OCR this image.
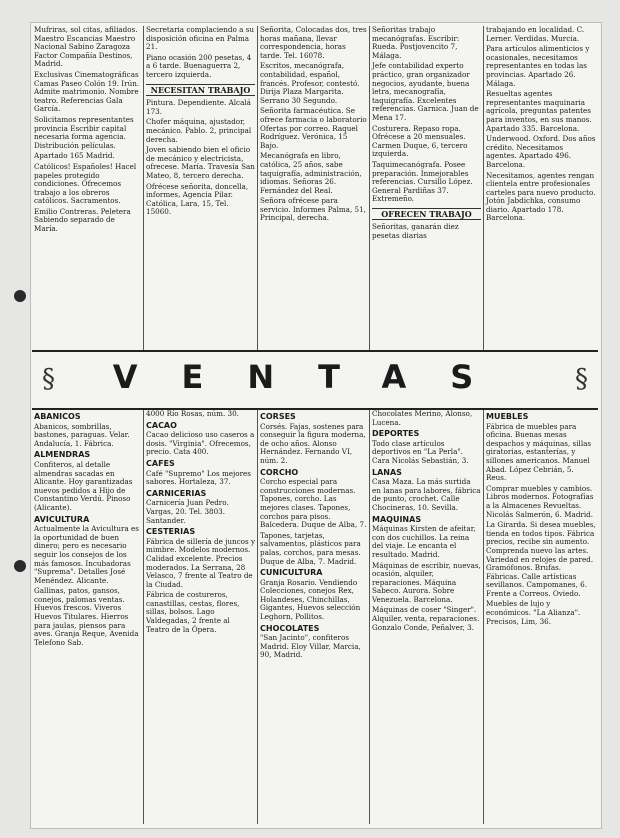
Mufriras, sol citas, afiliados. Maestro Escancias Maestro Nacional Sabino Zaragoza Factor Compañía Destinos, Madrid.
Exclusivas Cinematográficas Camas Paseo Colón 19. Irún. Admite matrimonio. Nombre teatro. Referencias Gala García.
Solicitamos representantes provincia Escribir capital necesaria forma agencia. Distribución películas.
Apartado 165 Madrid.
Católicos! Españoles! Hacel papeles protegido condiciones. Ofrecemos trabajo a los obreros católicos. Sacramentos.
Emilio Contreras. Peletera Sabiendo separado de María.
Secretaria complaciendo a su disposición oficina en Palma 21.
Piano ocasión 200 pesetas, 4 a 6 tarde. Buenaguerra 2, tercero izquierda.
NECESITAN TRABAJO
Pintura. Dependiente. Alcalá 173.
Chofer máquina, ajustador, mecánico. Pablo. 2, principal derecha.
Joven sabiendo bien el oficio de mecánico y electricista, ofrecese. María. Travesía San Mateo, 8, tercero derecha.
Ofrécese señorita, doncella, informes, Agencia Pilar. Católica, Lara, 15, Tel. 15060.
Señorita, Colocadas dos, tres horas mañana, llevar correspondencia, horas tarde. Tel. 16078.
Escritos, mecanógrafa, contabilidad, español, francés. Profesor, contestó. Dirija Plaza Margarita. Serrano 30 Segundo.
Señorita farmacéutica. Se ofrece farmacia o laboratorio Ofertas por correo. Raquel Rodríguez. Verónica, 15 Bajo.
Mecanógrafa en libro, católica, 25 años, sabe taquigrafía, administración, idiomas. Señoras 26. Fernández del Real.
Señora ofrécese para servicio. Informes Palma, 51, Principal, derecha.
Señoritas trabajo mecanógrafas. Escribir: Rueda. Postjovencito 7, Málaga.
Jefe contabilidad experto práctico, gran organizador negocios, ayudante, buena letra, mecanografía, taquigrafía. Excelentes referencias. Garnica. Juan de Mena 17.
Costurera. Repaso ropa. Ofrécese a 20 mensuales. Carmen Duque, 6, tercero izquierda.
Taquimecanógrafa. Posee preparación. Inmejorables referencias. Cursillo López. General Pardiñas 37. Extremeño.
OFRECEN TRABAJO
Señoritas, ganarán diez pesetas diarias
trabajando en localidad. C. Lerner. Verdidas. Murcia.
Para artículos alimenticios y ocasionales, necesitamos representantes en todas las provincias. Apartado 26. Málaga.
Resueltas agentes representantes maquinaria agrícola, preguntas patentes para inventos, en sus manos. Apartado 335. Barcelona.
Underwood. Oxford. Dos años crédito. Necesitamos agentes. Apartado 496. Barcelona.
Necesitamos, agentes rengan clientela entre profesionales carteles para nuevo producto. Jotón Jabdichka, consumo diario. Apartado 178. Barcelona.
§	VENTAS	§
ABANICOS
Abanicos, sombrillas, bastones, paraguas. Velar. Andalucía, 1. Fábrica.
ALMENDRAS
Confiteros, al detalle almendras sacadas en Alicante. Hoy garantizadas nuevos pedidos a Hijo de Constantino Verdú. Pinoso (Alicante).
AVICULTURA
Actualmente la Avicultura es la oportunidad de buen dinero; pero es necesario seguir los consejos de los más famosos. Incubadoras "Suprema". Detalles José Menéndez. Alicante.
Gallinas, patos, gansos, conejos, palomas ventas. Huevos frescos. Viveros Huevos Titulares. Hierros para jaulas, piensos para aves. Granja Reque, Avenida Telefono Sab.
4000 Río Rosas, núm. 30.
CACAO
Cacao delicioso uso caseros a dosis. "Virginia". Ofrecemos, precio. Cata 400.
CAFES
Café "Supremo" Los mejores sabores. Hortaleza, 37.
CARNICERIAS
Carnicería Juan Pedro. Vargas, 20. Tel. 3803. Santander.
CESTERIAS
Fábrica de sillería de juncos y mimbre. Modelos modernos. Calidad excelente. Precios moderados. La Serrana, 28 Velasco, 7 frente al Teatro de la Ciudad.
Fábrica de costureros, canastillas, cestas, flores, sillas, bolsos. Lago Valdegadas, 2 frente al Teatro de la Ópera.
CORSES
Corsés. Fajas, sostenes para conseguir la figura moderna, de ocho años. Alonso Hernández. Fernando VI, núm. 2.
CORCHO
Corcho especial para construcciones modernas. Tapones, corcho. Las mejores clases. Tapones, corchos para pisos. Balcedera. Duque de Alba, 7.
Tapones, tarjetas, salvamentos, plásticos para palas, corchos, para mesas. Duque de Alba, 7. Madrid.
CUNICULTURA
Granja Rosario. Vendiendo Colecciones, conejos Rex, Holandeses, Chinchillas, Gigantes, Huevos selección Leghorn, Pollitos.
CHOCOLATES
"San Jacinto", confiteros Madrid. Eloy Villar, Marcia, 90, Madrid.
Chocolates Merino, Alonso, Lucena.
DEPORTES
Todo clase artículos deportivos en "La Perla". Cara Nicolás Sebastián, 3.
LANAS
Casa Maza. La más surtida en lanas para labores, fábrica de punto, crochet. Calle Chocineras, 10. Sevilla.
MAQUINAS
Máquinas Kirsten de afeitar, con dos cuchillos. La reina del viaje. Le encanta el resultado. Madrid.
Máquinas de escribir, nuevas, ocasión, alquiler, reparaciones. Máquina Sabeco. Aurora. Sobre Venezuela. Barcelona.
Máquinas de coser "Singer". Alquiler, venta, reparaciones. Gonzalo Conde, Peñalver, 3.
MUEBLES
Fábrica de muebles para oficina. Buenas mesas despachos y máquinas, sillas giratorias, estanterías, y sillones americanos. Manuel Abad. López Cebrián, 5. Reus.
Comprar muebles y cambios. Libros modernos. Fotografías a la Almacenes Revueltas. Nicolás Salmerón, 6. Madrid.
La Girarda. Si desea muebles, tienda en todos tipos. Fábrica precios, recibe sin aumento. Comprenda nuevo las artes. Variedad en relojes de pared. Gramófonos. Brufas. Fábricas. Calle artísticas sevillanos. Campomanes, 6. Frente a Correos. Oviedo.
Muebles de lujo y económicos. "La Alianza". Precisos, Lim, 36.
